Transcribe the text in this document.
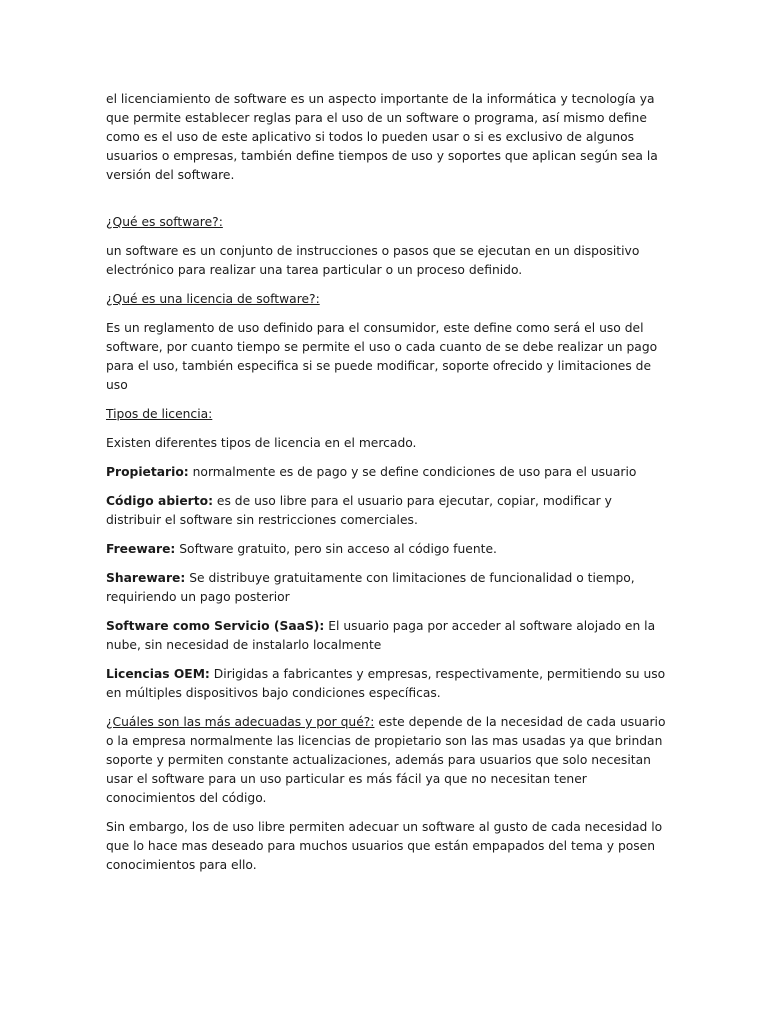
el licenciamiento de software es un aspecto importante de la informática y tecnología ya que permite establecer reglas para el uso de un software o programa, así mismo define como es el uso de este aplicativo si todos lo pueden usar o si es exclusivo de algunos usuarios o empresas, también define tiempos de uso y soportes que aplican según sea la versión del software.

¿Qué es software?:

un software es un conjunto de instrucciones o pasos que se ejecutan en un dispositivo electrónico para realizar una tarea particular o un proceso definido.

¿Qué es una licencia de software?:

Es un reglamento de uso definido para el consumidor, este define como será el uso del software, por cuanto tiempo se permite el uso o cada cuanto de se debe realizar un pago para el uso, también especifica si se puede modificar, soporte ofrecido y limitaciones de uso

Tipos de licencia:

Existen diferentes tipos de licencia en el mercado.

Propietario: normalmente es de pago y se define condiciones de uso para el usuario

Código abierto: es de uso libre para el usuario para ejecutar, copiar, modificar y distribuir el software sin restricciones comerciales.

Freeware: Software gratuito, pero sin acceso al código fuente.

Shareware: Se distribuye gratuitamente con limitaciones de funcionalidad o tiempo, requiriendo un pago posterior

Software como Servicio (SaaS): El usuario paga por acceder al software alojado en la nube, sin necesidad de instalarlo localmente

Licencias OEM: Dirigidas a fabricantes y empresas, respectivamente, permitiendo su uso en múltiples dispositivos bajo condiciones específicas.

¿Cuáles son las más adecuadas y por qué?: este depende de la necesidad de cada usuario o la empresa normalmente las licencias de propietario son las mas usadas ya que brindan soporte y permiten constante actualizaciones, además para usuarios que solo necesitan usar el software para un uso particular es más fácil ya que no necesitan tener conocimientos del código.

Sin embargo, los de uso libre permiten adecuar un software al gusto de cada necesidad lo que lo hace mas deseado para muchos usuarios que están empapados del tema y posen conocimientos para ello.
